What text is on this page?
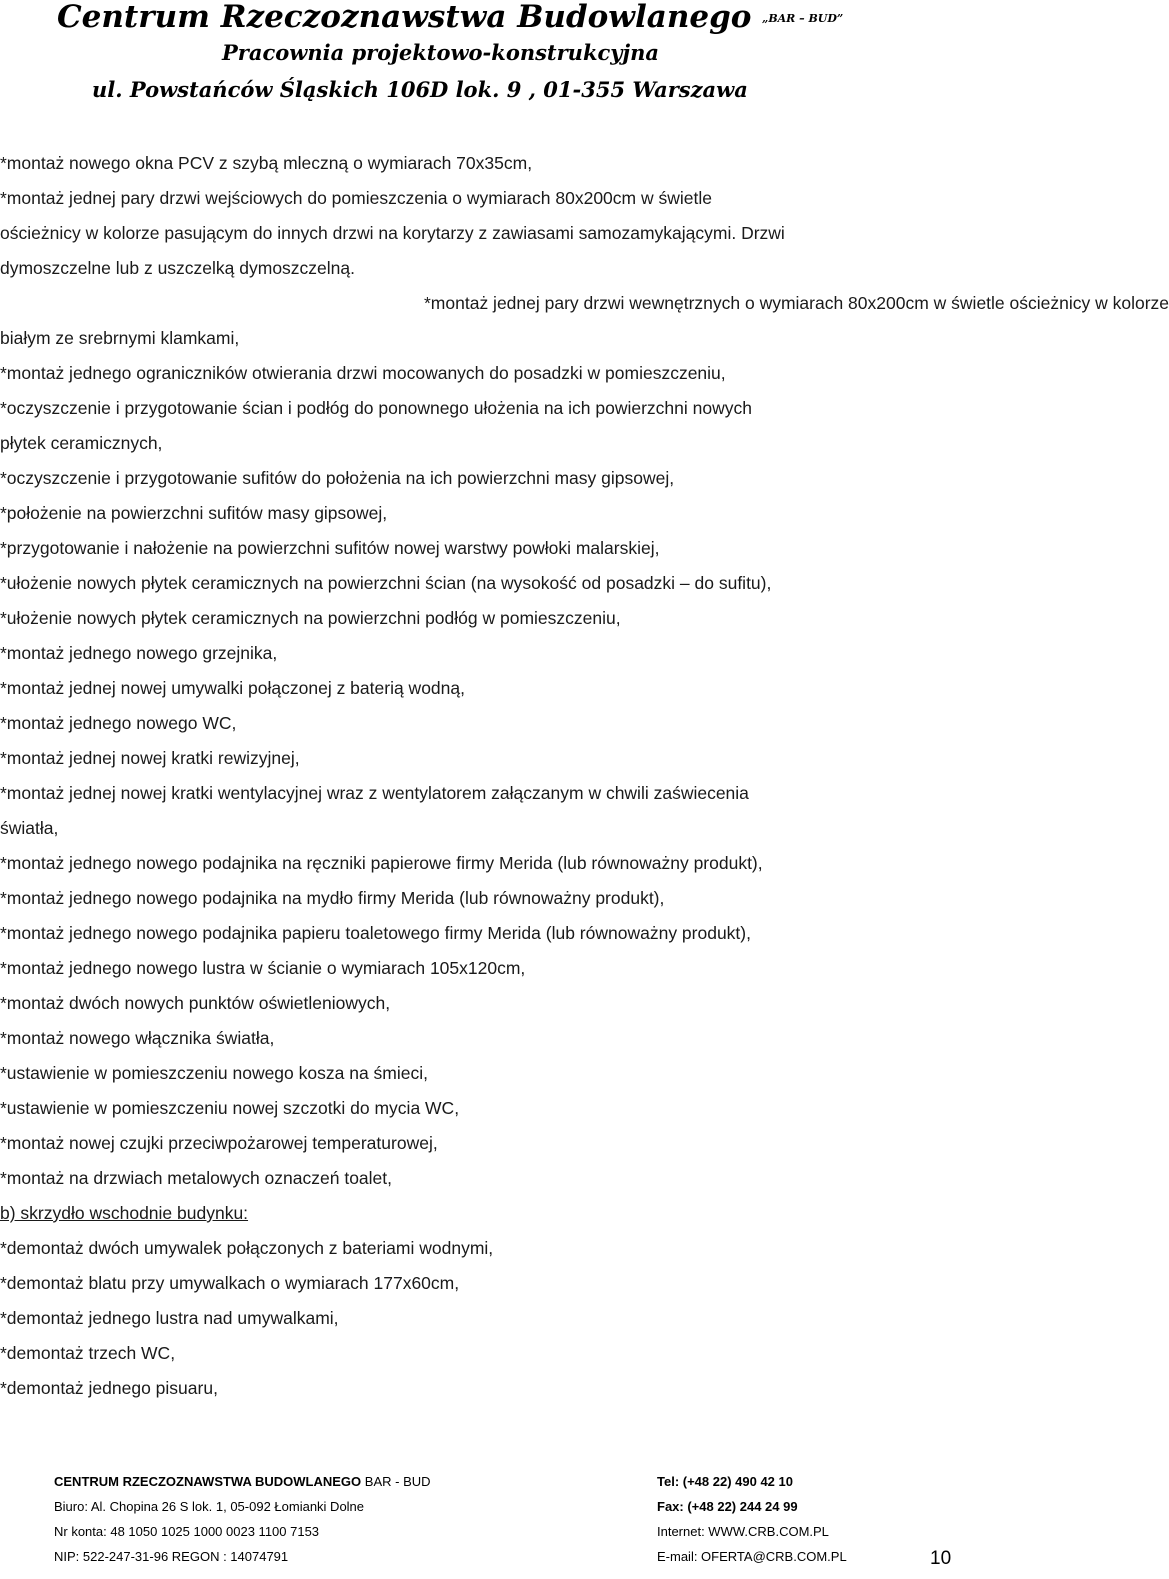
Centrum Rzeczoznawstwa Budowlanego „BAR – BUD”
Pracownia projektowo-konstrukcyjna
ul. Powstańców Śląskich 106D lok. 9 , 01-355 Warszawa
*montaż nowego okna PCV z szybą mleczną o wymiarach 70x35cm,
*montaż jednej pary drzwi wejściowych do pomieszczenia o wymiarach 80x200cm w świetle
ościeżnicy w kolorze pasującym do innych drzwi na korytarzy z zawiasami samozamykającymi. Drzwi
dymoszczelne lub z uszczelką dymoszczelną.
*montaż jednej pary drzwi wewnętrznych o wymiarach 80x200cm w świetle ościeżnicy w kolorze
białym ze srebrnymi klamkami,
*montaż jednego ograniczników otwierania drzwi mocowanych do posadzki w pomieszczeniu,
*oczyszczenie i przygotowanie ścian i podłóg do ponownego ułożenia na ich powierzchni nowych
płytek ceramicznych,
*oczyszczenie i przygotowanie sufitów do położenia na ich powierzchni masy gipsowej,
*położenie na powierzchni sufitów masy gipsowej,
*przygotowanie i nałożenie na powierzchni sufitów nowej warstwy powłoki malarskiej,
*ułożenie nowych płytek ceramicznych na powierzchni ścian (na wysokość od posadzki – do sufitu),
*ułożenie nowych płytek ceramicznych na powierzchni podłóg w pomieszczeniu,
*montaż jednego nowego grzejnika,
*montaż jednej nowej umywalki połączonej z baterią wodną,
*montaż jednego nowego WC,
*montaż jednej nowej kratki rewizyjnej,
*montaż jednej nowej kratki wentylacyjnej wraz z wentylatorem załączanym w chwili zaświecenia
światła,
*montaż jednego nowego podajnika na ręczniki papierowe firmy Merida (lub równoważny produkt),
*montaż jednego nowego podajnika na mydło firmy Merida (lub równoważny produkt),
*montaż jednego nowego podajnika papieru toaletowego firmy Merida (lub równoważny produkt),
*montaż jednego nowego lustra w ścianie o wymiarach 105x120cm,
*montaż dwóch nowych punktów oświetleniowych,
*montaż nowego włącznika światła,
*ustawienie w pomieszczeniu nowego kosza na śmieci,
*ustawienie w pomieszczeniu nowej szczotki do mycia WC,
*montaż nowej czujki przeciwpożarowej temperaturowej,
*montaż na drzwiach metalowych oznaczeń toalet,
b) skrzydło wschodnie budynku:
*demontaż dwóch umywalek połączonych z bateriami wodnymi,
*demontaż blatu przy umywalkach o wymiarach 177x60cm,
*demontaż jednego lustra nad umywalkami,
*demontaż trzech WC,
*demontaż jednego pisuaru,
CENTRUM RZECZOZNAWSTWA BUDOWLANEGO BAR - BUD
Biuro: Al. Chopina 26 S lok. 1, 05-092 Łomianki Dolne
Nr konta: 48 1050 1025 1000 0023 1100 7153
NIP: 522-247-31-96 REGON : 14074791
Tel: (+48 22) 490 42 10
Fax: (+48 22) 244 24 99
Internet: WWW.CRB.COM.PL
E-mail: OFERTA@CRB.COM.PL	10
